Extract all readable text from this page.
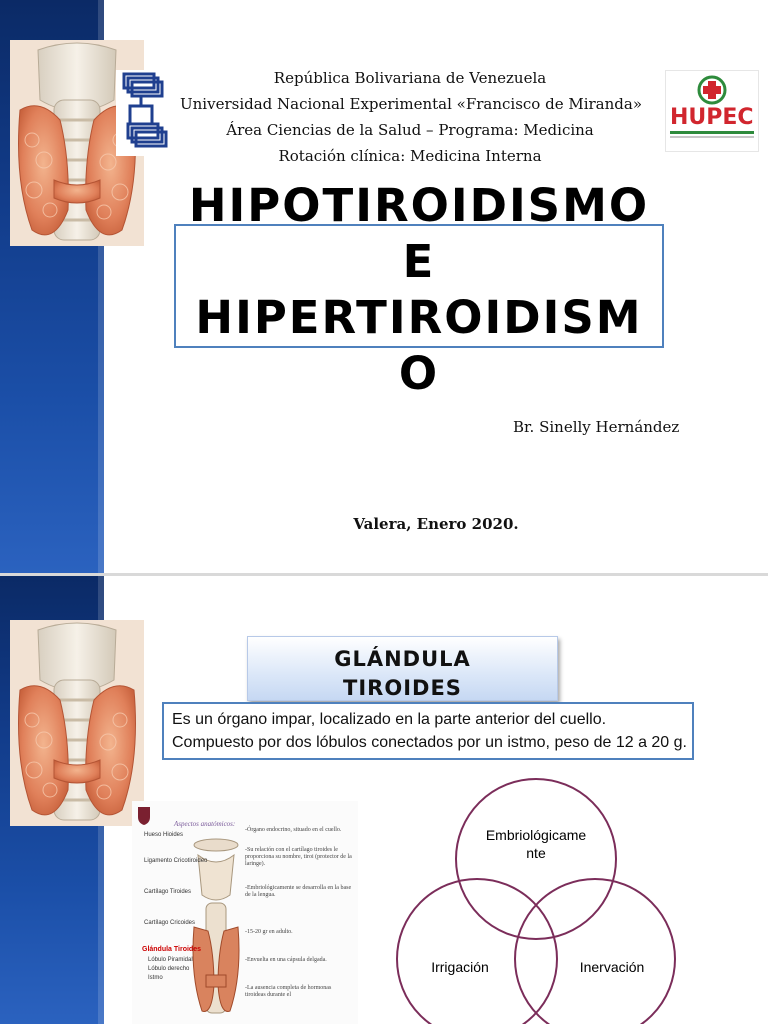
HUPEC
República Bolivariana de Venezuela
Universidad Nacional Experimental «Francisco de Miranda»
Área Ciencias de la Salud – Programa: Medicina
Rotación clínica: Medicina Interna
HIPOTIROIDISMO
E
HIPERTIROIDISM
O
Br. Sinelly Hernández
Valera, Enero 2020.
GLÁNDULA
TIROIDES
Es un órgano impar, localizado en la parte anterior del cuello. Compuesto por dos lóbulos conectados por un istmo, peso de 12 a 20 g.
Aspectos anatómicos:
Hueso Hioides
Ligamento Cricotiroideo
Cartílago Tiroides
Cartílago Cricoides
Glándula Tiroides
Lóbulo Piramidal
Lóbulo derecho
Istmo
-Órgano endocrino, situado en el cuello.
-Su relación con el cartílago tiroides le proporciona su nombre, tiroi (protector de la laringe).
-Embriológicamente se desarrolla en la base de la lengua.
-15-20 gr en adulto.
-Envuelta en una cápsula delgada.
-La ausencia completa de hormonas tiroideas durante el
Embriológicame
nte
Irrigación	Inervación
